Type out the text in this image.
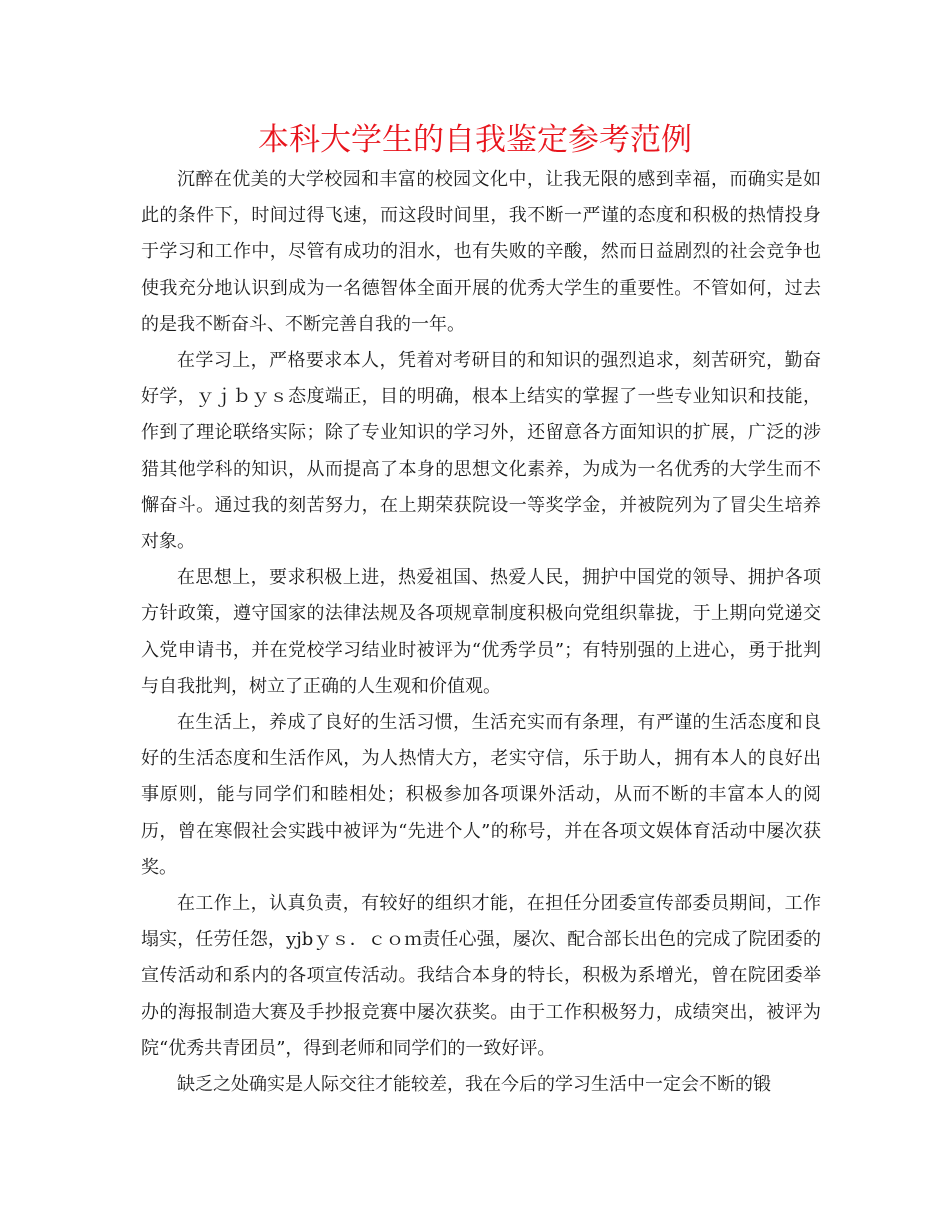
本科大学生的自我鉴定参考范例

沉醉在优美的大学校园和丰富的校园文化中，让我无限的感到幸福，而确实是如此的条件下，时间过得飞速，而这段时间里，我不断一严谨的态度和积极的热情投身于学习和工作中，尽管有成功的泪水，也有失败的辛酸，然而日益剧烈的社会竞争也使我充分地认识到成为一名德智体全面开展的优秀大学生的重要性。不管如何，过去的是我不断奋斗、不断完善自我的一年。

在学习上，严格要求本人，凭着对考研目的和知识的强烈追求，刻苦研究，勤奋好学，ｙｊｂｙｓ态度端正，目的明确，根本上结实的掌握了一些专业知识和技能，作到了理论联络实际；除了专业知识的学习外，还留意各方面知识的扩展，广泛的涉猎其他学科的知识，从而提高了本身的思想文化素养，为成为一名优秀的大学生而不懈奋斗。通过我的刻苦努力，在上期荣获院设一等奖学金，并被院列为了冒尖生培养对象。

在思想上，要求积极上进，热爱祖国、热爱人民，拥护中国党的领导、拥护各项方针政策，遵守国家的法律法规及各项规章制度积极向党组织靠拢，于上期向党递交入党申请书，并在党校学习结业时被评为“优秀学员”；有特别强的上进心，勇于批判与自我批判，树立了正确的人生观和价值观。

在生活上，养成了良好的生活习惯，生活充实而有条理，有严谨的生活态度和良好的生活态度和生活作风，为人热情大方，老实守信，乐于助人，拥有本人的良好出事原则，能与同学们和睦相处；积极参加各项课外活动，从而不断的丰富本人的阅历，曾在寒假社会实践中被评为“先进个人”的称号，并在各项文娱体育活动中屡次获奖。

在工作上，认真负责，有较好的组织才能，在担任分团委宣传部委员期间，工作塌实，任劳任怨，yjbｙｓ．ｃｏｍ责任心强，屡次、配合部长出色的完成了院团委的宣传活动和系内的各项宣传活动。我结合本身的特长，积极为系增光，曾在院团委举办的海报制造大赛及手抄报竞赛中屡次获奖。由于工作积极努力，成绩突出，被评为院“优秀共青团员”，得到老师和同学们的一致好评。

缺乏之处确实是人际交往才能较差，我在今后的学习生活中一定会不断的锻
